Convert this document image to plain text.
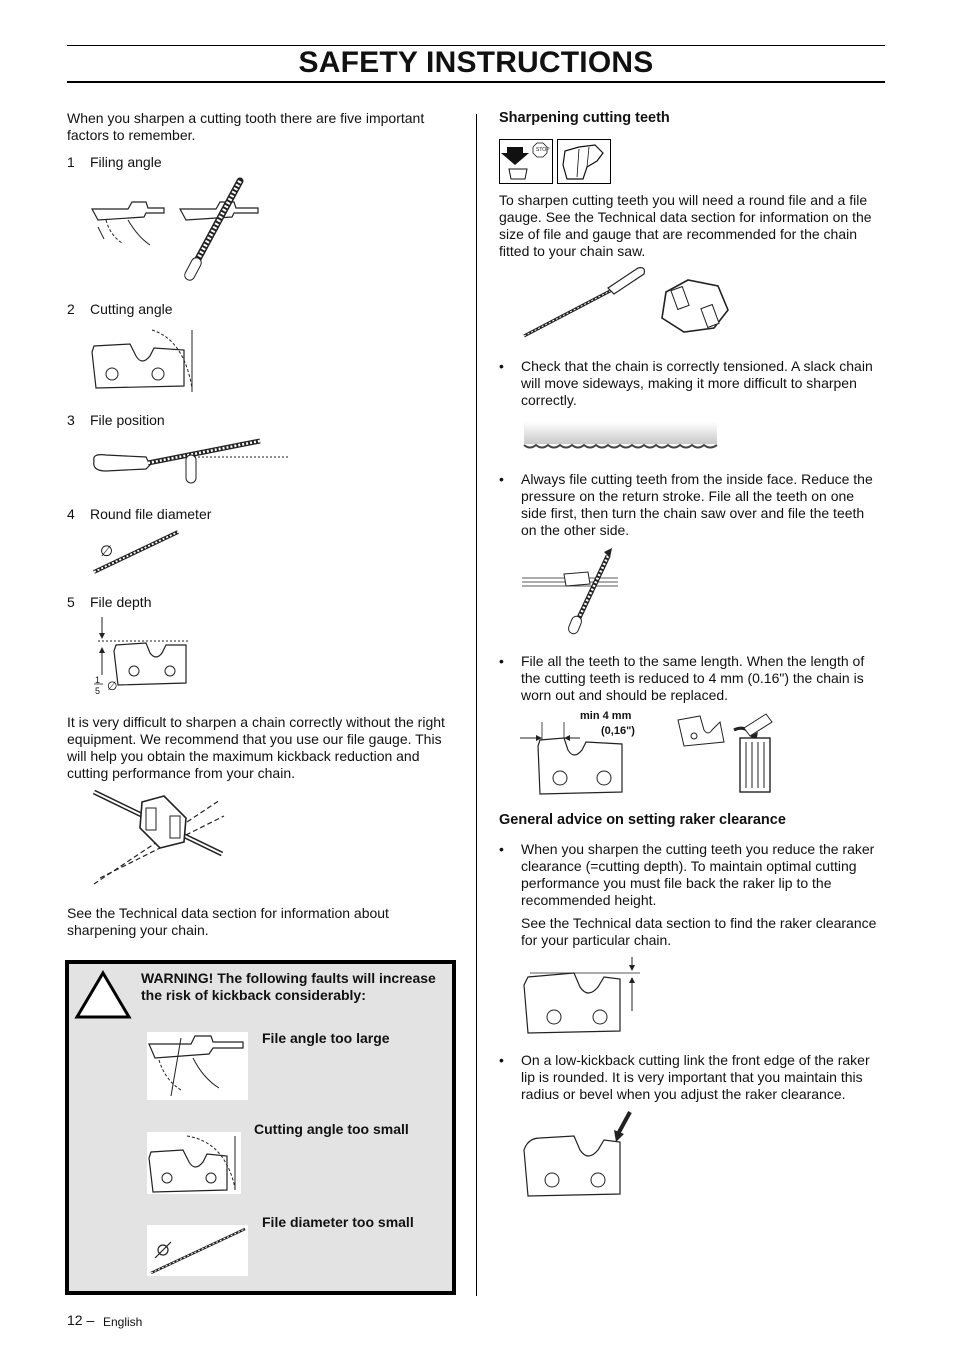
SAFETY INSTRUCTIONS
When you sharpen a cutting tooth there are five important factors to remember.
1 Filing angle
2 Cutting angle
3 File position
4 Round file diameter
∅
5 File depth
1
5 ∅
It is very difficult to sharpen a chain correctly without the right equipment. We recommend that you use our file gauge. This will help you obtain the maximum kickback reduction and cutting performance from your chain.
See the Technical data section for information about sharpening your chain.
WARNING! The following faults will increase the risk of kickback considerably:
File angle too large
Cutting angle too small
File diameter too small
Sharpening cutting teeth
STOP
To sharpen cutting teeth you will need a round file and a file gauge. See the Technical data section for information on the size of file and gauge that are recommended for the chain fitted to your chain saw.
• Check that the chain is correctly tensioned. A slack chain will move sideways, making it more difficult to sharpen correctly.
• Always file cutting teeth from the inside face. Reduce the pressure on the return stroke. File all the teeth on one side first, then turn the chain saw over and file the teeth on the other side.
• File all the teeth to the same length. When the length of the cutting teeth is reduced to 4 mm (0.16") the chain is worn out and should be replaced.
min 4 mm
(0,16")
General advice on setting raker clearance
• When you sharpen the cutting teeth you reduce the raker clearance (=cutting depth). To maintain optimal cutting performance you must file back the raker lip to the recommended height.
See the Technical data section to find the raker clearance for your particular chain.
• On a low-kickback cutting link the front edge of the raker lip is rounded. It is very important that you maintain this radius or bevel when you adjust the raker clearance.
12 – English
